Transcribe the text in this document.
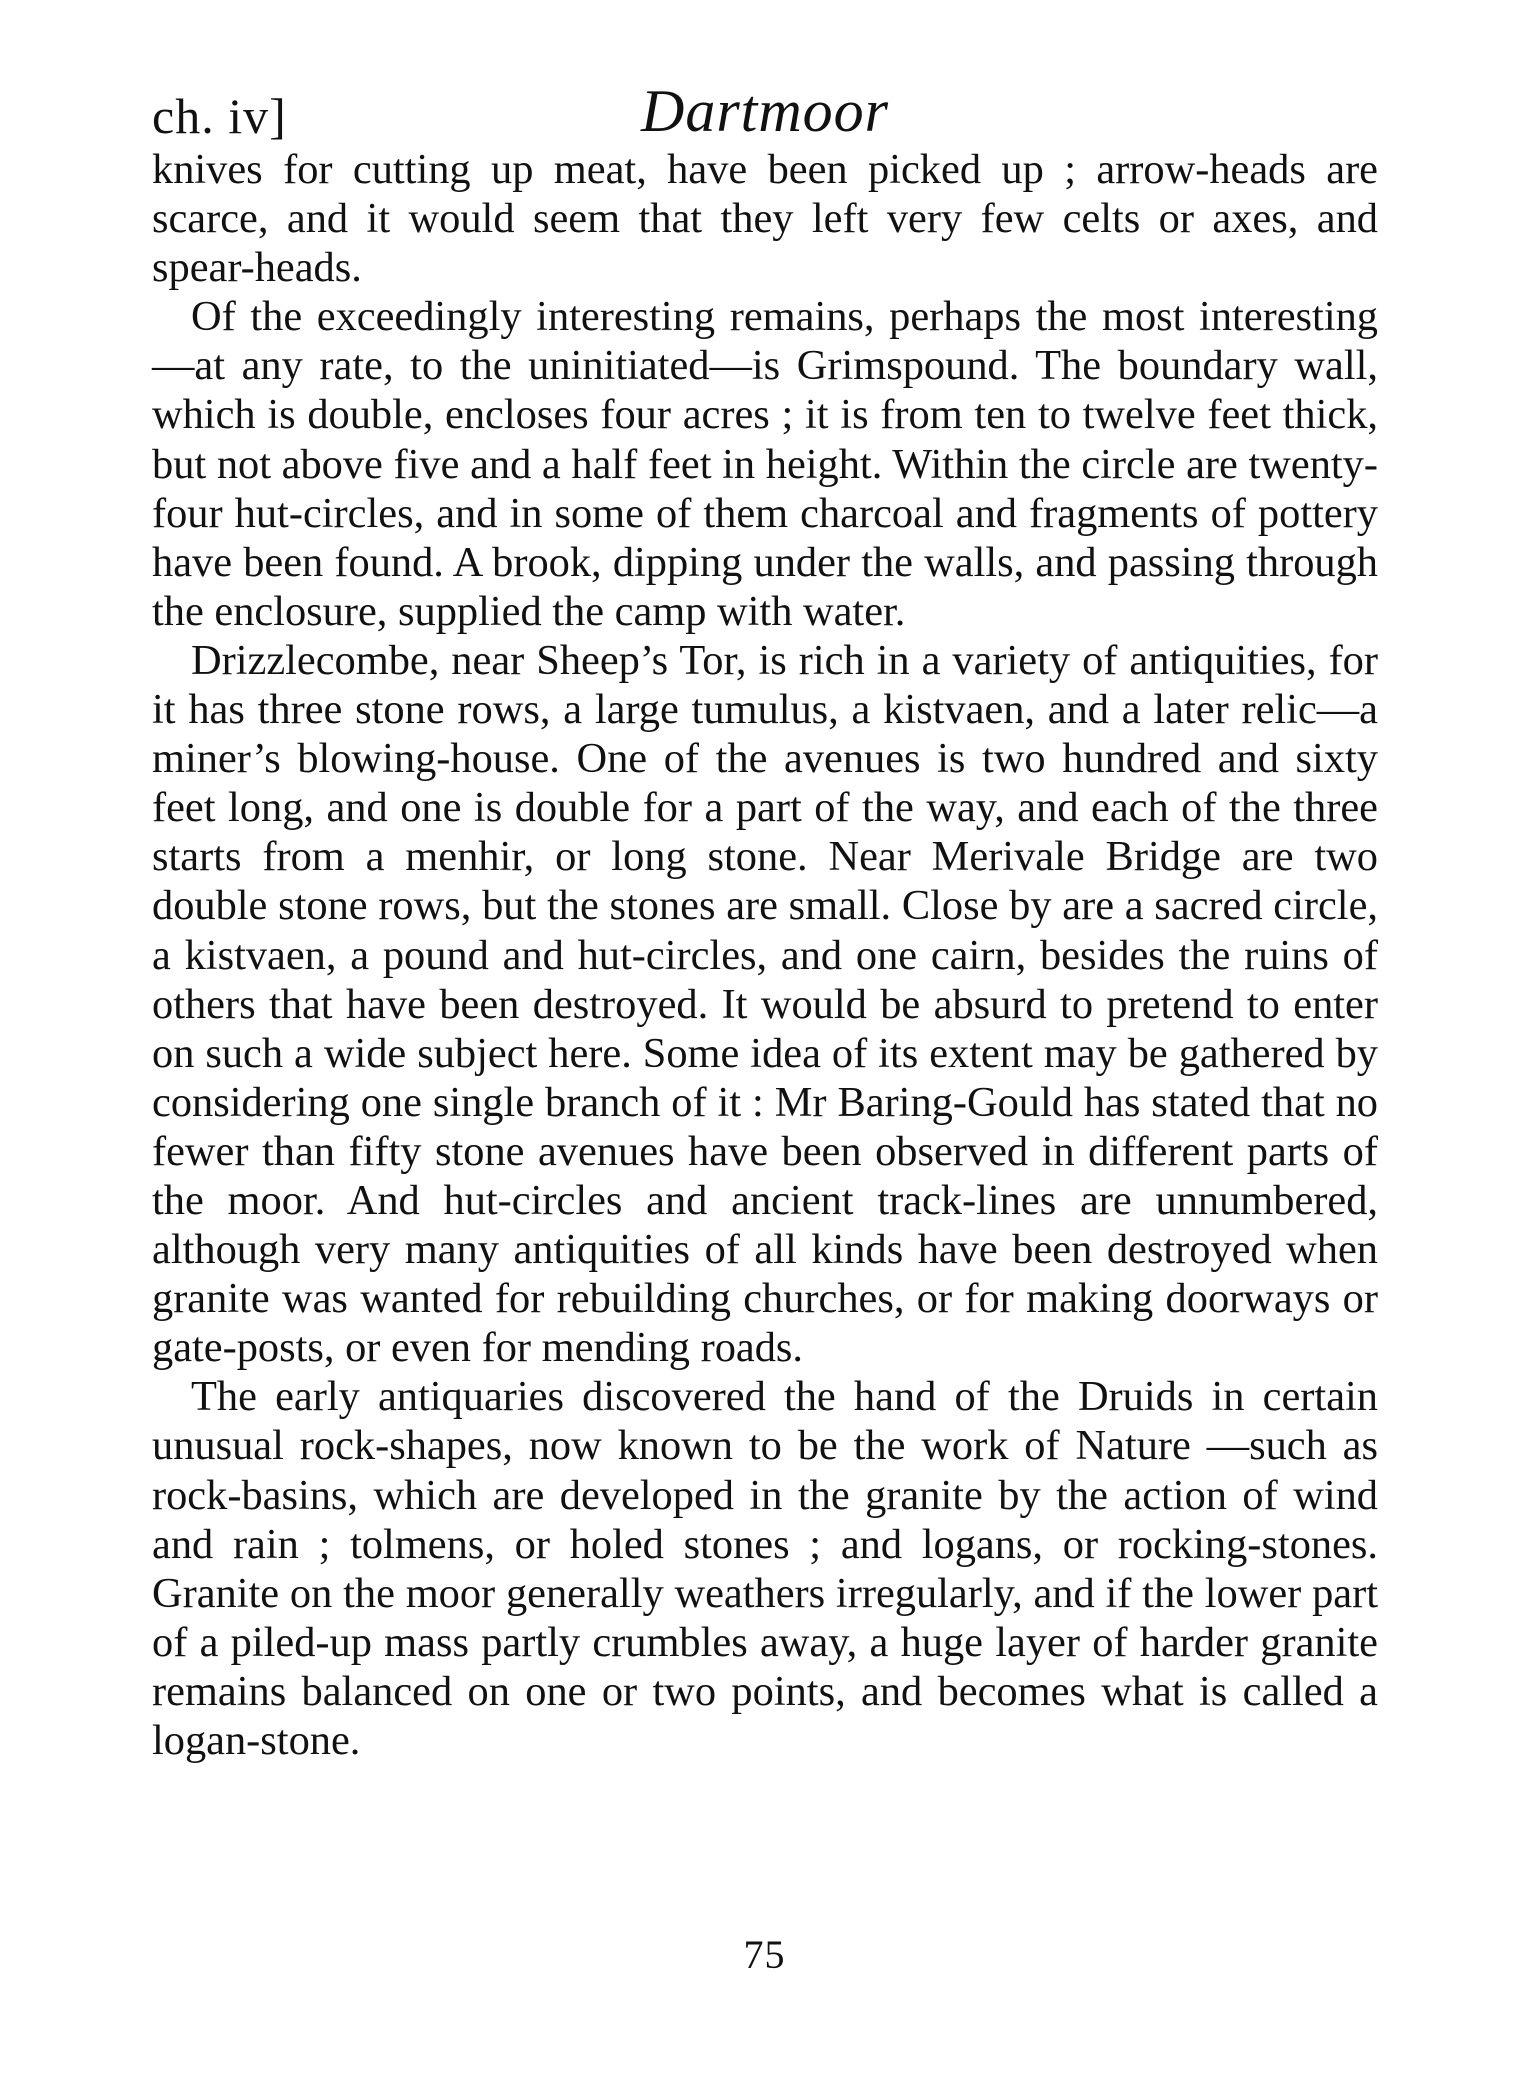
ch. iv]	Dartmoor

knives for cutting up meat, have been picked up ; arrow-heads are scarce, and it would seem that they left very few celts or axes, and spear-heads.

Of the exceedingly interesting remains, perhaps the most interesting—at any rate, to the uninitiated—is Grimspound. The boundary wall, which is double, encloses four acres ; it is from ten to twelve feet thick, but not above five and a half feet in height. Within the circle are twenty-four hut-circles, and in some of them charcoal and fragments of pottery have been found. A brook, dipping under the walls, and passing through the enclosure, supplied the camp with water.

Drizzlecombe, near Sheep’s Tor, is rich in a variety of antiquities, for it has three stone rows, a large tumulus, a kistvaen, and a later relic—a miner’s blowing-house. One of the avenues is two hundred and sixty feet long, and one is double for a part of the way, and each of the three starts from a menhir, or long stone. Near Merivale Bridge are two double stone rows, but the stones are small. Close by are a sacred circle, a kistvaen, a pound and hut-circles, and one cairn, besides the ruins of others that have been destroyed. It would be absurd to pretend to enter on such a wide subject here. Some idea of its extent may be gathered by considering one single branch of it : Mr Baring-Gould has stated that no fewer than fifty stone avenues have been observed in different parts of the moor. And hut-circles and ancient track-lines are unnumbered, although very many antiquities of all kinds have been destroyed when granite was wanted for rebuilding churches, or for making doorways or gate-posts, or even for mending roads.

The early antiquaries discovered the hand of the Druids in certain unusual rock-shapes, now known to be the work of Nature —such as rock-basins, which are developed in the granite by the action of wind and rain ; tolmens, or holed stones ; and logans, or rocking-stones. Granite on the moor generally weathers irregularly, and if the lower part of a piled-up mass partly crumbles away, a huge layer of harder granite remains balanced on one or two points, and becomes what is called a logan-stone.

75
